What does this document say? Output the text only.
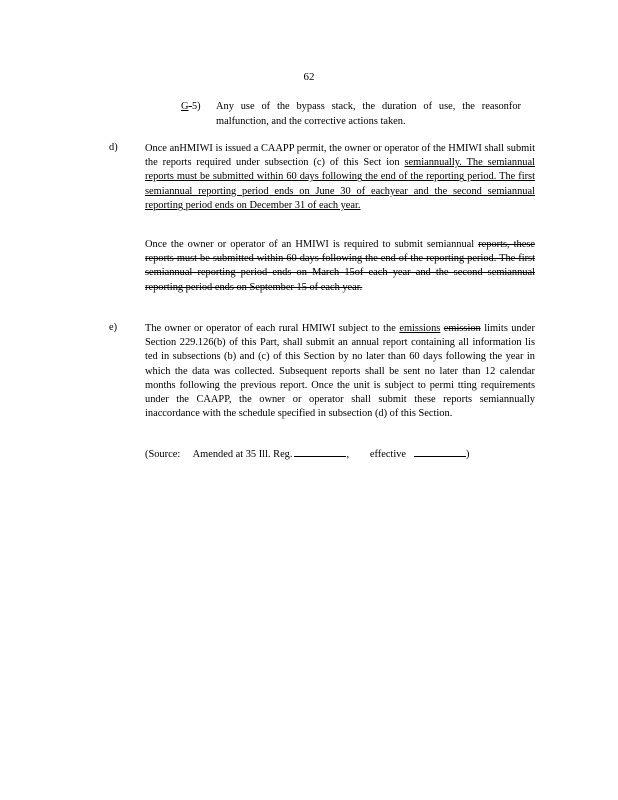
62
G-5) Any use of the bypass stack, the duration of use, the reasonfor malfunction, and the corrective actions taken.
d)	Once anHMIWI is issued a CAAPP permit, the owner or operator of the HMIWI shall submit the reports required under subsection (c) of this Sect ion semiannually. The semiannual reports must be submitted within 60 days following the end of the reporting period. The first semiannual reporting period ends on June 30 of eachyear and the second semiannual reporting period ends on December 31 of each year.
Once the owner or operator of an HMIWI is required to submit semiannual reports, these reports must be submitted within 60 days following the end of the reporting period. The first semiannual reporting period ends on March 15of each year and the second semiannual reporting period ends on September 15 of each year.
e)	The owner or operator of each rural HMIWI subject to the emissions emission limits under Section 229.126(b) of this Part, shall submit an annual report containing all information lis ted in subsections (b) and (c) of this Section by no later than 60 days following the year in which the data was collected. Subsequent reports shall be sent no later than 12 calendar months following the previous report. Once the unit is subject to permi tting requirements under the CAAPP, the owner or operator shall submit these reports semiannually inaccordance with the schedule specified in subsection (d) of this Section.
(Source: Amended at 35 Ill. Reg.	, effective	)
